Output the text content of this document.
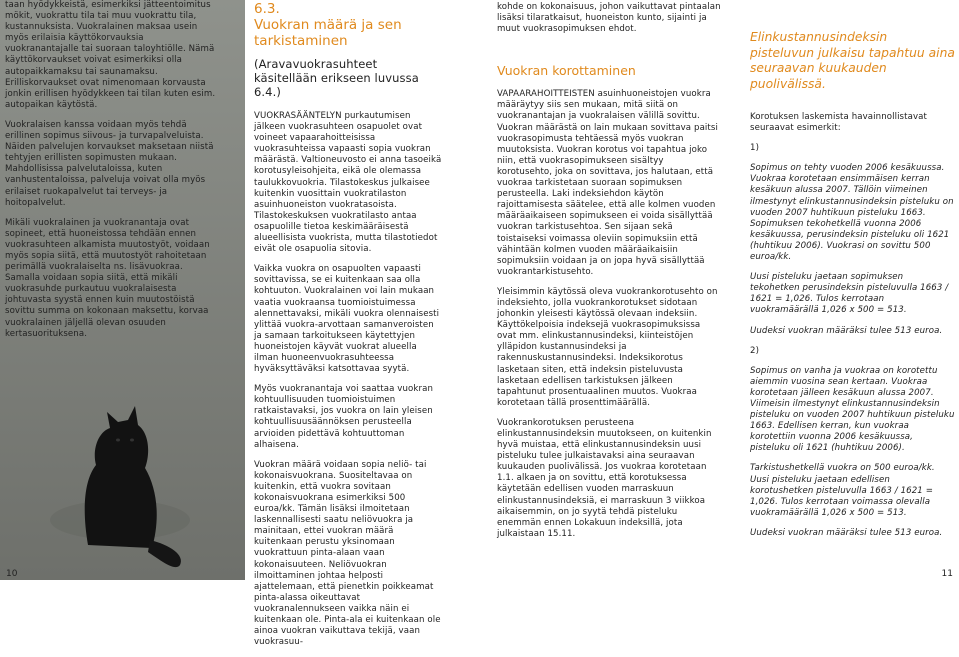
taan hyödykkeistä, esimerkiksi jätteentoimitus mökit, vuokrattu tila tai muu vuokrattu tila, kustannuksista. Vuokralainen maksaa usein myös erilaisia käyttökorvauksia vuokranantajalle tai suoraan taloyhtiölle. Nämä käyttökorvaukset voivat esimerkiksi olla autopaikkamaksu tai saunamaksu. Erilliskorvaukset ovat nimenomaan korvausta jonkin erillisen hyödykkeen tai tilan kuten esim. autopaikan käytöstä.

Vuokralaisen kanssa voidaan myös tehdä erillinen sopimus siivous- ja turvapalveluista. Näiden palvelujen korvaukset maksetaan niistä tehtyjen erillisten sopimusten mukaan. Mahdollisissa palvelutaloissa, kuten vanhustentaloissa, palveluja voivat olla myös erilaiset ruokapalvelut tai terveys- ja hoitopalvelut.

Mikäli vuokralainen ja vuokranantaja ovat sopineet, että huoneistossa tehdään ennen vuokrasuhteen alkamista muutostyöt, voidaan myös sopia siitä, että muutostyöt rahoitetaan perimällä vuokralaiselta ns. lisävuokraa. Samalla voidaan sopia siitä, että mikäli vuokrasuhde purkautuu vuokralaisesta johtuvasta syystä ennen kuin muutostöistä sovittu summa on kokonaan maksettu, korvaa vuokralainen jäljellä olevan osuuden kertasuorituksena.

6.3.
Vuokran määrä ja sen tarkistaminen

(Aravavuokrasuhteet käsitellään erikseen luvussa 6.4.)

VUOKRASÄÄNTELYN purkautumisen jälkeen vuokrasuhteen osapuolet ovat voineet vapaarahoitteisissa vuokrasuhteissa vapaasti sopia vuokran määrästä. Valtioneuvosto ei anna tasoeikä korotusyleisohjeita, eikä ole olemassa taulukkovuokria. Tilastokeskus julkaisee kuitenkin vuosittain vuokratilaston asuinhuoneiston vuokratasoista. Tilastokeskuksen vuokratilasto antaa osapuolille tietoa keskimääräisestä alueellisista vuokrista, mutta tilastotiedot eivät ole osapuolia sitovia.

Vaikka vuokra on osapuolten vapaasti sovittavissa, se ei kuitenkaan saa olla kohtuuton. Vuokralainen voi lain mukaan vaatia vuokraansa tuomioistuimessa alennettavaksi, mikäli vuokra olennaisesti ylittää vuokra-arvottaan samanveroisten ja samaan tarkoitukseen käytettyjen huoneistojen käyvät vuokrat alueella ilman huoneenvuokrasuhteessa hyväksyttäväksi katsottavaa syytä.

Myös vuokranantaja voi saattaa vuokran kohtuullisuuden tuomioistuimen ratkaistavaksi, jos vuokra on lain yleisen kohtuullisuusäännöksen perusteella arvioiden pidettävä kohtuuttoman alhaisena.

Vuokran määrä voidaan sopia neliö- tai kokonaisvuokrana. Suositeltavaa on kuitenkin, että vuokra sovitaan kokonaisvuokrana esimerkiksi 500 euroa/kk. Tämän lisäksi ilmoitetaan laskennallisesti saatu neliövuokra ja mainitaan, ettei vuokran määrä kuitenkaan perustu yksinomaan vuokrattuun pinta-alaan vaan kokonaisuuteen. Neliövuokran ilmoittaminen johtaa helposti ajattelemaan, että pienetkin poikkeamat pinta-alassa oikeuttavat vuokranalennukseen vaikka näin ei kuitenkaan ole. Pinta-ala ei kuitenkaan ole ainoa vuokran vaikuttava tekijä, vaan vuokrasuu-

kohde on kokonaisuus, johon vaikuttavat pintaalan lisäksi tilaratkaisut, huoneiston kunto, sijainti ja muut vuokrasopimuksen ehdot.

Vuokran korottaminen

VAPAARAHOITTEISTEN asuinhuoneistojen vuokra määräytyy siis sen mukaan, mitä siitä on vuokranantajan ja vuokralaisen välillä sovittu. Vuokran määrästä on lain mukaan sovittava paitsi vuokrasopimusta tehtäessä myös vuokran muutoksista. Vuokran korotus voi tapahtua joko niin, että vuokrasopimukseen sisältyy korotusehto, joka on sovittava, jos halutaan, että vuokraa tarkistetaan suoraan sopimuksen perusteella. Laki indeksiehdon käytön rajoittamisesta säätelee, että alle kolmen vuoden määräaikaiseen sopimukseen ei voida sisällyttää vuokran tarkistusehtoa. Sen sijaan sekä toistaiseksi voimassa oleviin sopimuksiin että vähintään kolmen vuoden määräaikaisiin sopimuksiin voidaan ja on jopa hyvä sisällyttää vuokrantarkistusehto.

Yleisimmin käytössä oleva vuokrankorotusehto on indeksiehto, jolla vuokrankorotukset sidotaan johonkin yleisesti käytössä olevaan indeksiin. Käyttökelpoisia indeksejä vuokrasopimuksissa ovat mm. elinkustannusindeksi, kiinteistöjen ylläpidon kustannusindeksi ja rakennuskustannusindeksi. Indeksikorotus lasketaan siten, että indeksin pisteluvusta lasketaan edellisen tarkistuksen jälkeen tapahtunut prosentuaalinen muutos. Vuokraa korotetaan tällä prosenttimäärällä.

Vuokrankorotuksen perusteena elinkustannusindeksin muutokseen, on kuitenkin hyvä muistaa, että elinkustannusindeksin uusi pisteluku tulee julkaistavaksi aina seuraavan kuukauden puolivälissä. Jos vuokraa korotetaan 1.1. alkaen ja on sovittu, että korotuksessa käytetään edellisen vuoden marraskuun elinkustannusindeksiä, ei marraskuun 3 viikkoa aikaisemmin, on jo syytä tehdä pisteluku enemmän ennen Lokakuun indeksillä, jota julkaistaan 15.11.

Elinkustannusindeksin pisteluvun julkaisu tapahtuu aina seuraavan kuukauden puolivälissä.

Korotuksen laskemista havainnollistavat seuraavat esimerkit:

1)

Sopimus on tehty vuoden 2006 kesäkuussa. Vuokraa korotetaan ensimmäisen kerran kesäkuun alussa 2007. Tällöin viimeinen ilmestynyt elinkustannusindeksin pisteluku on vuoden 2007 huhtikuun pisteluku 1663. Sopimuksen tekohetkellä vuonna 2006 kesäkuussa, perusindeksin pisteluku oli 1621 (huhtikuu 2006). Vuokrasi on sovittu 500 euroa/kk.

Uusi pisteluku jaetaan sopimuksen tekohetken perusindeksin pisteluvulla 1663 / 1621 = 1,026. Tulos kerrotaan vuokramäärällä 1,026 x 500 = 513.

Uudeksi vuokran määräksi tulee 513 euroa.

2)

Sopimus on vanha ja vuokraa on korotettu aiemmin vuosina sean kertaan. Vuokraa korotetaan jälleen kesäkuun alussa 2007. Viimeisin ilmestynyt elinkustannusindeksin pisteluku on vuoden 2007 huhtikuun pisteluku 1663. Edellisen kerran, kun vuokraa korotettiin vuonna 2006 kesäkuussa, pisteluku oli 1621 (huhtikuu 2006).

Tarkistushetkellä vuokra on 500 euroa/kk. Uusi pisteluku jaetaan edellisen korotushetken pisteluvulla 1663 / 1621 = 1,026. Tulos kerrotaan voimassa olevalla vuokramäärällä 1,026 x 500 = 513.

Uudeksi vuokran määräksi tulee 513 euroa.

10	11
